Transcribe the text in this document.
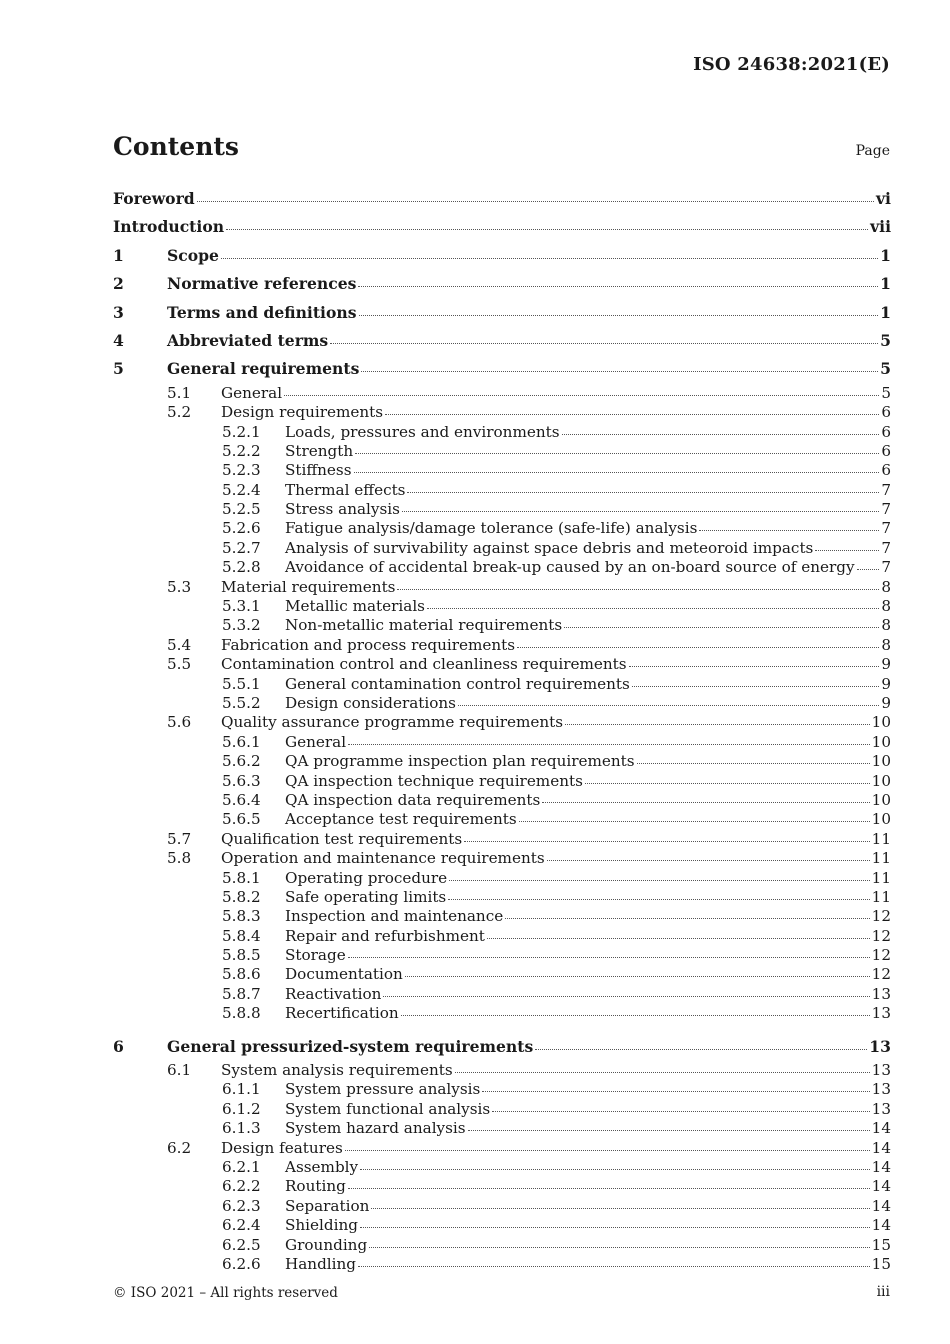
ISO 24638:2021(E)
Contents	Page
Foreword	vi
Introduction	vii
1	Scope	1
2	Normative references	1
3	Terms and definitions	1
4	Abbreviated terms	5
5	General requirements	5
5.1	General	5
5.2	Design requirements	6
5.2.1	Loads, pressures and environments	6
5.2.2	Strength	6
5.2.3	Stiffness	6
5.2.4	Thermal effects	7
5.2.5	Stress analysis	7
5.2.6	Fatigue analysis/damage tolerance (safe-life) analysis	7
5.2.7	Analysis of survivability against space debris and meteoroid impacts	7
5.2.8	Avoidance of accidental break-up caused by an on-board source of energy 7
5.3	Material requirements	8
5.3.1	Metallic materials	8
5.3.2	Non-metallic material requirements	8
5.4	Fabrication and process requirements	8
5.5	Contamination control and cleanliness requirements	9
5.5.1	General contamination control requirements	9
5.5.2	Design considerations	9
5.6	Quality assurance programme requirements	10
5.6.1	General	10
5.6.2	QA programme inspection plan requirements	10
5.6.3	QA inspection technique requirements	10
5.6.4	QA inspection data requirements	10
5.6.5	Acceptance test requirements	10
5.7	Qualification test requirements	11
5.8	Operation and maintenance requirements	11
5.8.1	Operating procedure	11
5.8.2	Safe operating limits	11
5.8.3	Inspection and maintenance	12
5.8.4	Repair and refurbishment	12
5.8.5	Storage	12
5.8.6	Documentation	12
5.8.7	Reactivation	13
5.8.8	Recertification	13
6	General pressurized-system requirements	13
6.1	System analysis requirements	13
6.1.1	System pressure analysis	13
6.1.2	System functional analysis	13
6.1.3	System hazard analysis	14
6.2	Design features	14
6.2.1	Assembly	14
6.2.2	Routing	14
6.2.3	Separation	14
6.2.4	Shielding	14
6.2.5	Grounding	15
6.2.6	Handling	15
© ISO 2021 – All rights reserved	iii
